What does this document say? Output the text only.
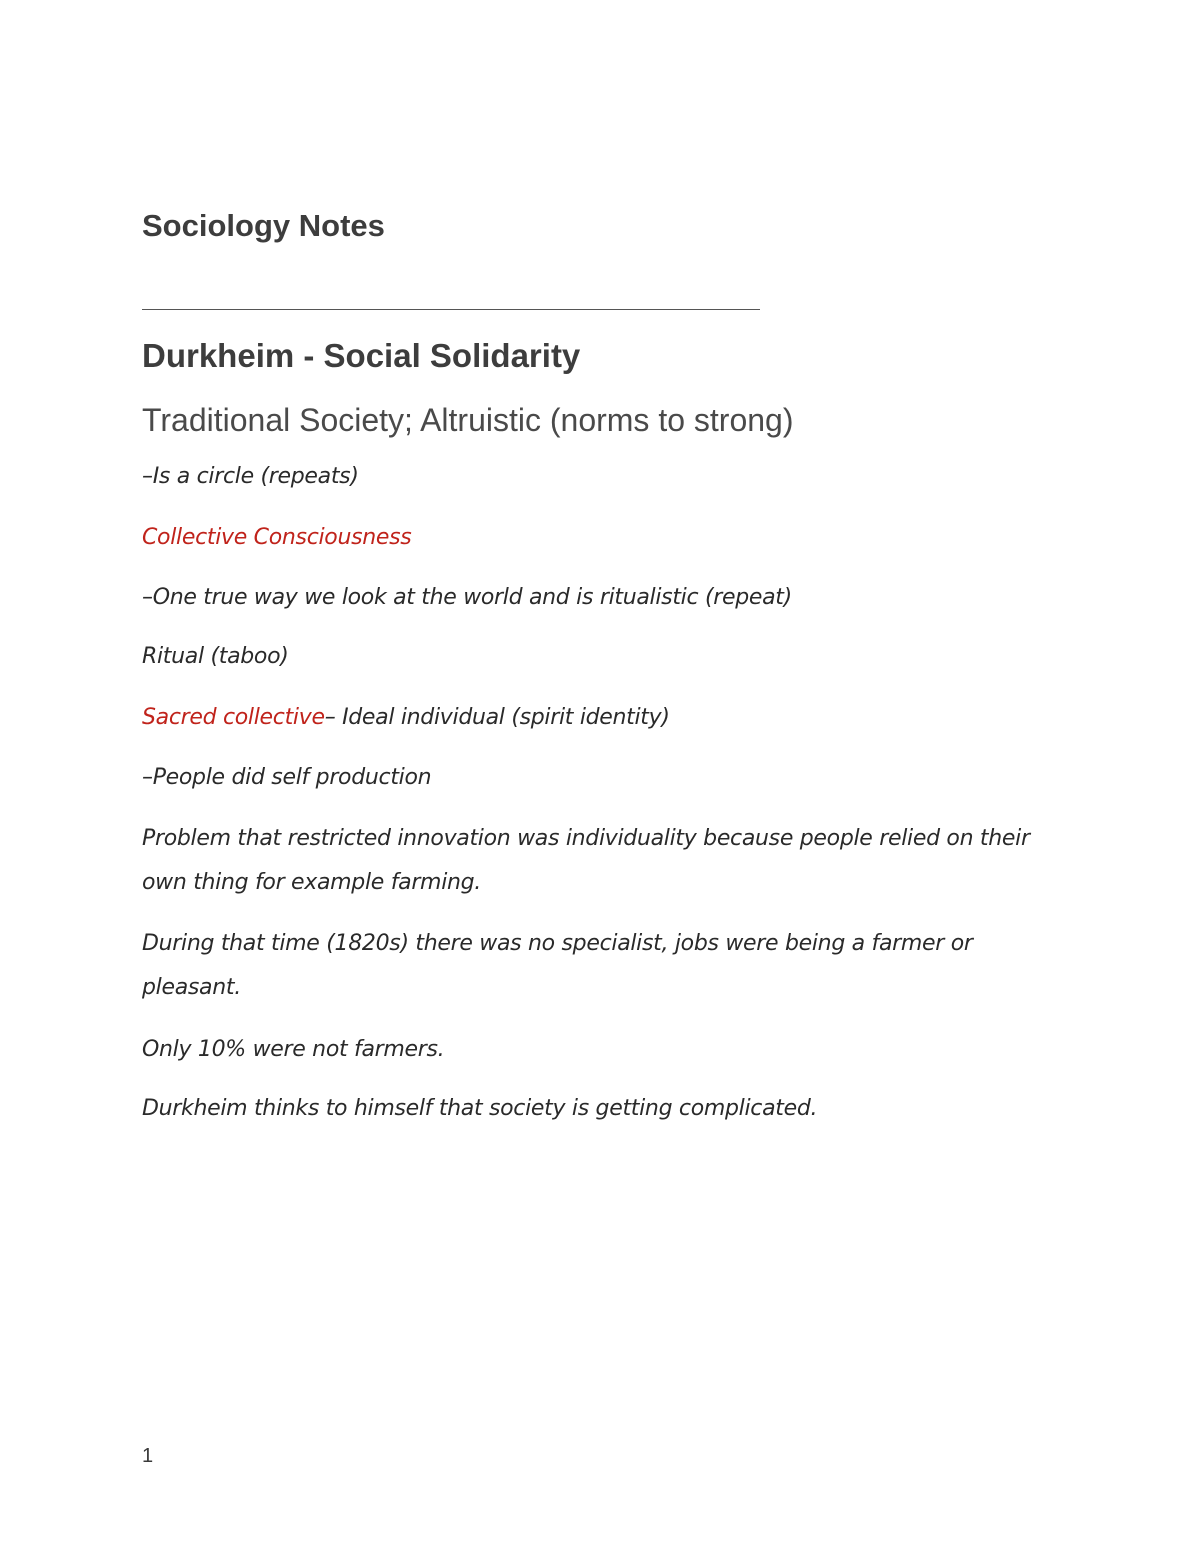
Sociology Notes
Durkheim - Social Solidarity
Traditional Society; Altruistic (norms to strong)
–Is a circle (repeats)
Collective Consciousness
–One true way we look at the world and is ritualistic (repeat)
Ritual (taboo)
Sacred collective– Ideal individual (spirit identity)
–People did self production
Problem that restricted innovation was individuality because people relied on their own thing for example farming.
During that time (1820s) there was no specialist, jobs were being a farmer or pleasant.
Only 10% were not farmers.
Durkheim thinks to himself that society is getting complicated.
1
